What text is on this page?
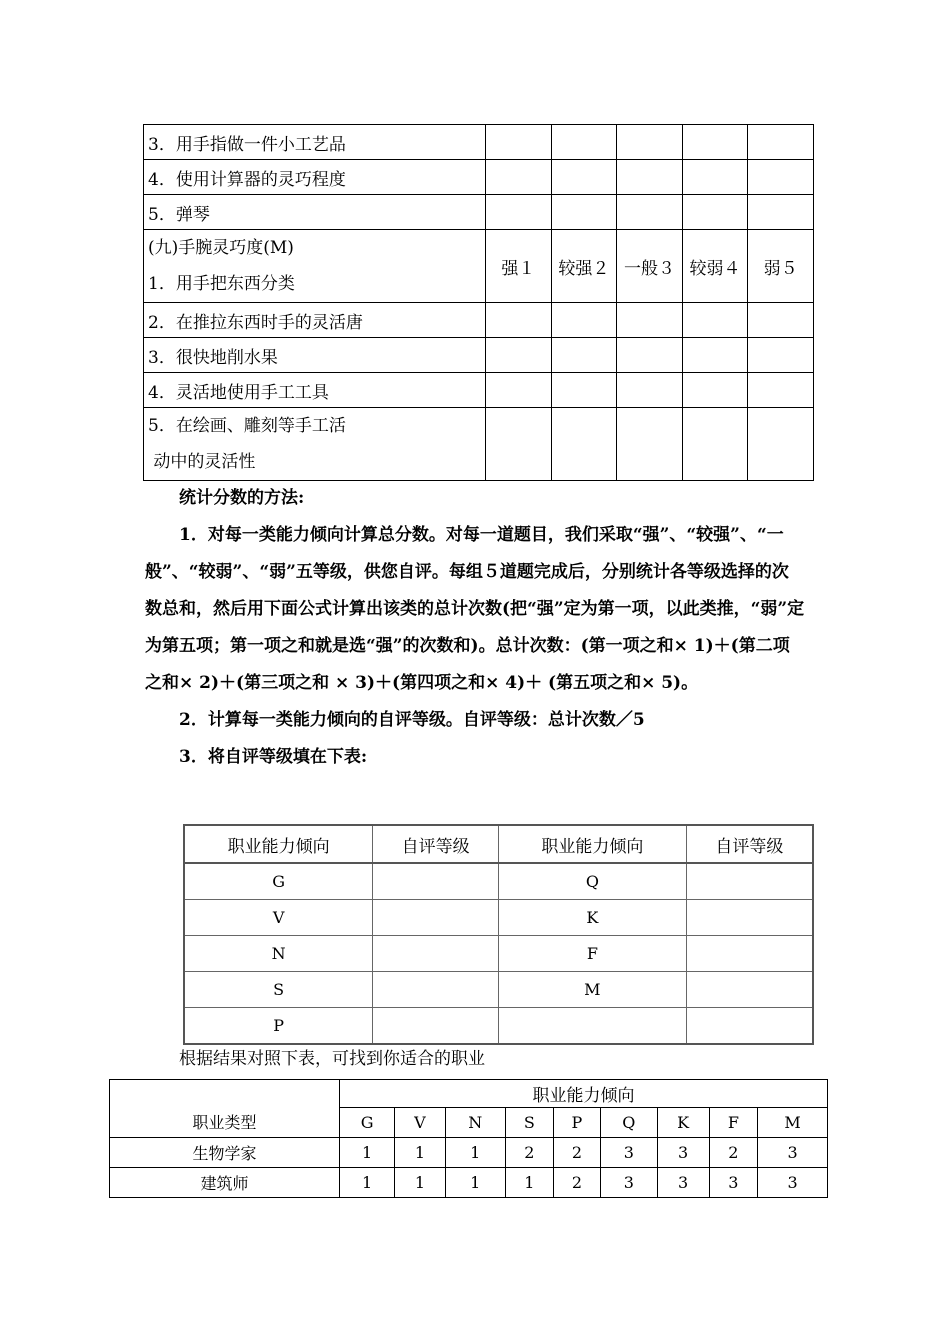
3．用手指做一件小工艺品					
4．使用计算器的灵巧程度					
5．弹琴					

(九)手腕灵巧度(M)
1．用手把东西分类	强１	较强２	一般３	较弱４	弱５
2．在推拉东西时手的灵活唐					
3．很快地削水果					
4．灵活地使用手工工具					

5．在绘画、雕刻等手工活
动中的灵活性					

统计分数的方法:

1．对每一类能力倾向计算总分数。对每一道题目，我们采取“强”、“较强”、“一般”、“较弱”、“弱”五等级，供您自评。每组５道题完成后，分别统计各等级选择的次数总和，然后用下面公式计算出该类的总计次数(把“强”定为第一项，以此类推，“弱”定为第五项；第一项之和就是选“强”的次数和)。总计次数：(第一项之和× 1)＋(第二项之和× 2)＋(第三项之和 × 3)＋(第四项之和× 4)＋ (第五项之和× 5)。

2．计算每一类能力倾向的自评等级。自评等级：总计次数／5

3．将自评等级填在下表:

职业能力倾向	自评等级	职业能力倾向	自评等级
G		Q	
V		K	
N		F	
S		M	
P			
根据结果对照下表，可找到你适合的职业
职业类型	职业能力倾向								
	G	V	N	S	P	Q	K	F	M
生物学家	1	1	1	2	2	3	3	2	3
建筑师	1	1	1	1	2	3	3	3	3
